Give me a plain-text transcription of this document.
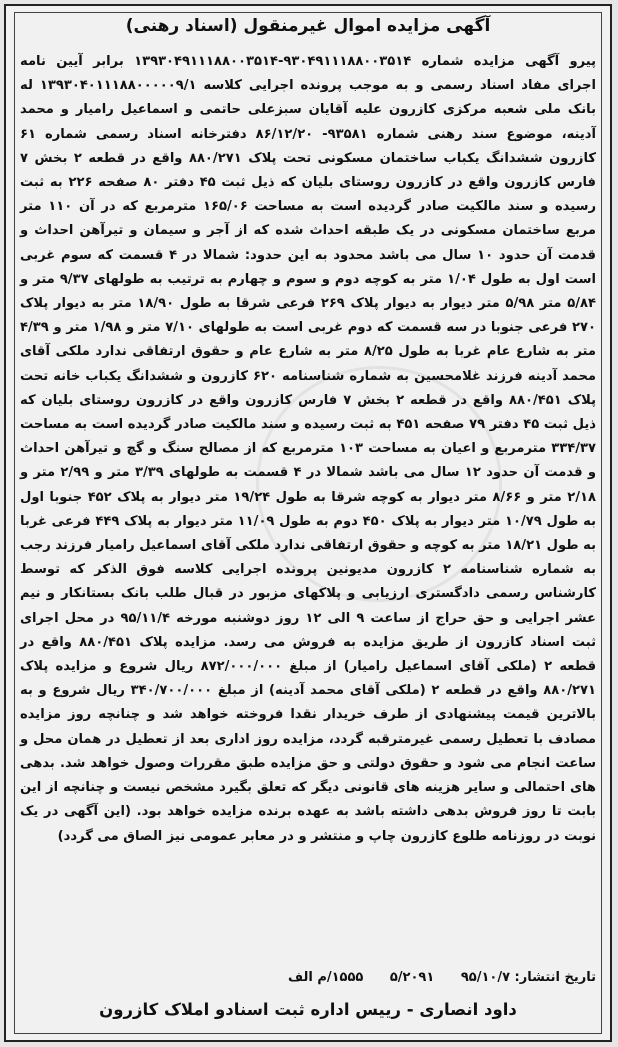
آگهی مزایده اموال غیرمنقول (اسناد رهنی)
پیرو آگهی مزایده شماره ۹۳۰۴۹۱۱۱۸۸۰۰۳۵۱۴-۱۳۹۳۰۴۹۱۱۱۸۸۰۰۳۵۱۴ برابر آیین نامه اجرای مفاد اسناد رسمی و به موجب پرونده اجرایی کلاسه ۱۳۹۳۰۴۰۱۱۱۸۸۰۰۰۰۰۹/۱ له بانک ملی شعبه مرکزی کازرون علیه آقایان سبزعلی حاتمی و اسماعیل رامیار و محمد آدینه، موضوع سند رهنی شماره ۹۳۵۸۱- ۸۶/۱۲/۲۰ دفترخانه اسناد رسمی شماره ۶۱ کازرون ششدانگ یکباب ساختمان مسکونی تحت پلاک ۸۸۰/۲۷۱ واقع در قطعه ۲ بخش ۷ فارس کازرون واقع در کازرون روستای بلیان که ذیل ثبت ۴۵ دفتر ۸۰ صفحه ۲۲۶ به ثبت رسیده و سند مالکیت صادر گردیده است به مساحت ۱۶۵/۰۶ مترمربع که در آن ۱۱۰ متر مربع ساختمان مسکونی در یک طبقه احداث شده که از آجر و سیمان و تیرآهن احداث و قدمت آن حدود ۱۰ سال می باشد محدود به این حدود: شمالا در ۴ قسمت که سوم غربی است اول به طول ۱/۰۴ متر به کوچه دوم و سوم و چهارم به ترتیب به طولهای ۹/۳۷ متر و ۵/۸۴ متر ۵/۹۸ متر دیوار به دیوار پلاک ۲۶۹ فرعی شرقا به طول ۱۸/۹۰ متر به دیوار پلاک ۲۷۰ فرعی جنوبا در سه قسمت که دوم غربی است به طولهای ۷/۱۰ متر و ۱/۹۸ متر و ۴/۳۹ متر به شارع عام غربا به طول ۸/۲۵ متر به شارع عام و حقوق ارتفاقی ندارد ملکی آقای محمد آدینه فرزند غلامحسین به شماره شناسنامه ۶۲۰ کازرون و ششدانگ یکباب خانه تحت پلاک ۸۸۰/۴۵۱ واقع در قطعه ۲ بخش ۷ فارس کازرون واقع در کازرون روستای بلیان که ذیل ثبت ۴۵ دفتر ۷۹ صفحه ۴۵۱ به ثبت رسیده و سند مالکیت صادر گردیده است به مساحت ۳۳۴/۳۷ مترمربع و اعیان به مساحت ۱۰۳ مترمربع که از مصالح سنگ و گچ و تیرآهن احداث و قدمت آن حدود ۱۲ سال می باشد شمالا در ۴ قسمت به طولهای ۳/۳۹ متر و ۲/۹۹ متر و ۲/۱۸ متر و ۸/۶۶ متر دیوار به کوچه شرقا به طول ۱۹/۲۴ متر دیوار به پلاک ۴۵۲ جنوبا اول به طول ۱۰/۷۹ متر دیوار به پلاک ۴۵۰ دوم به طول ۱۱/۰۹ متر دیوار به پلاک ۴۴۹ فرعی غربا به طول ۱۸/۲۱ متر به کوچه و حقوق ارتفاقی ندارد ملکی آقای اسماعیل رامیار فرزند رجب به شماره شناسنامه ۲ کازرون مدیونین پرونده اجرایی کلاسه فوق الذکر که توسط کارشناس رسمی دادگستری ارزیابی و پلاکهای مزبور در قبال طلب بانک بستانکار و نیم عشر اجرایی و حق حراج از ساعت ۹ الی ۱۲ روز دوشنبه مورخه ۹۵/۱۱/۴ در محل اجرای ثبت اسناد کازرون از طریق مزایده به فروش می رسد. مزایده پلاک ۸۸۰/۴۵۱ واقع در قطعه ۲ (ملکی آقای اسماعیل رامیار) از مبلغ ۸۷۲/۰۰۰/۰۰۰ ریال شروع و مزایده پلاک ۸۸۰/۲۷۱ واقع در قطعه ۲ (ملکی آقای محمد آدینه) از مبلغ ۳۴۰/۷۰۰/۰۰۰ ریال شروع و به بالاترین قیمت پیشنهادی از طرف خریدار نقدا فروخته خواهد شد و چنانچه روز مزایده مصادف با تعطیل رسمی غیرمترقبه گردد، مزایده روز اداری بعد از تعطیل در همان محل و ساعت انجام می شود و حقوق دولتی و حق مزایده طبق مقررات وصول خواهد شد. بدهی های احتمالی و سایر هزینه های قانونی دیگر که تعلق بگیرد مشخص نیست و چنانچه از این بابت تا روز فروش بدهی داشته باشد به عهده برنده مزایده خواهد بود. (این آگهی در یک نوبت در روزنامه طلوع کازرون چاپ و منتشر و در معابر عمومی نیز الصاق می گردد)
تاریخ انتشار: ۹۵/۱۰/۷ ۵/۲۰۹۱ ۱۵۵۵/م الف
داود انصاری - رییس اداره ثبت اسنادو املاک کازرون
